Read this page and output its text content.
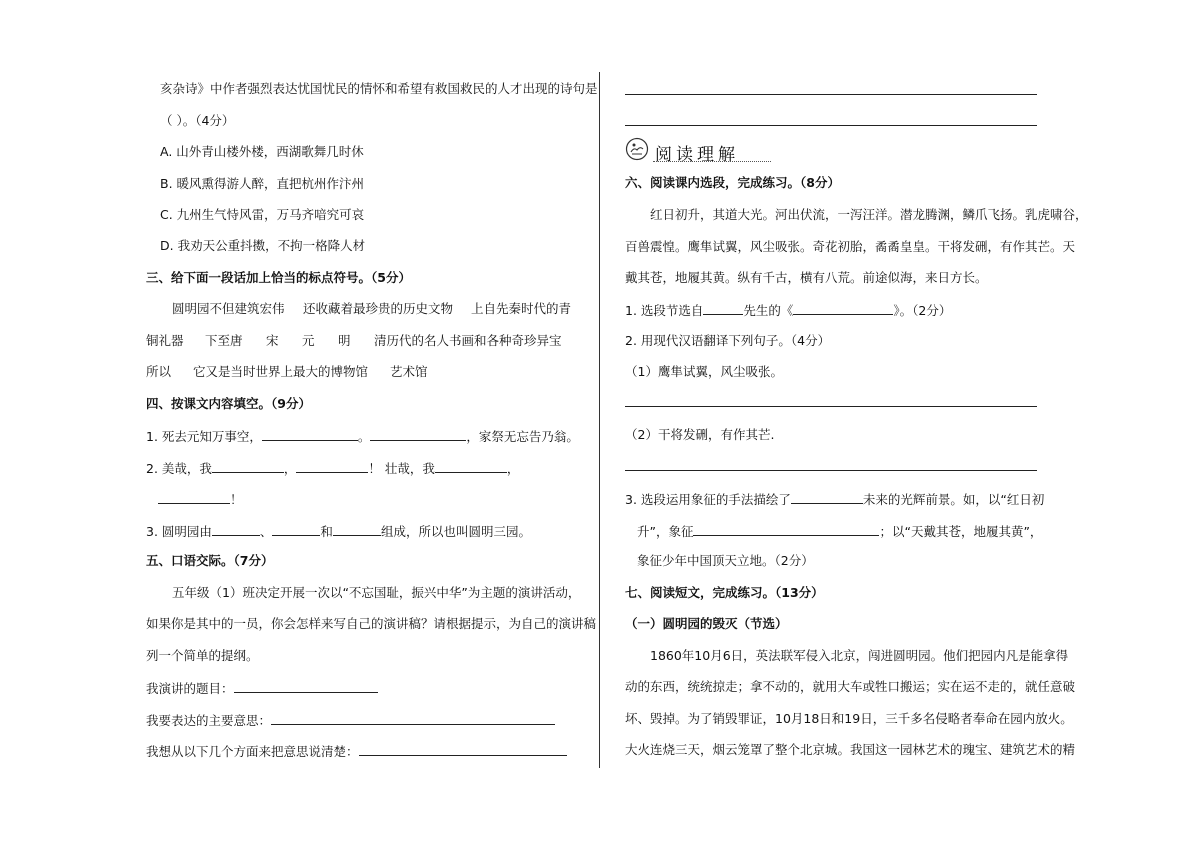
亥杂诗》中作者强烈表达忧国忧民的情怀和希望有救国救民的人才出现的诗句是
（ ）。（4分）
A. 山外青山楼外楼，西湖歌舞几时休
B. 暖风熏得游人醉，直把杭州作汴州
C. 九州生气恃风雷，万马齐喑究可哀
D. 我劝天公重抖擞，不拘一格降人材
三、给下面一段话加上恰当的标点符号。（5分）
圆明园不但建筑宏伟 还收藏着最珍贵的历史文物 上自先秦时代的青
铜礼器 下至唐 宋 元 明 清历代的名人书画和各种奇珍异宝
所以 它又是当时世界上最大的博物馆 艺术馆
四、按课文内容填空。（9分）
1. 死去元知万事空，	。	，家祭无忘告乃翁。
2. 美哉，我	，	！ 壮哉，我	，
！
3. 圆明园由	、	和	组成，所以也叫圆明三园。
五、口语交际。（7分）
五年级（1）班决定开展一次以“不忘国耻，振兴中华”为主题的演讲活动，
如果你是其中的一员，你会怎样来写自己的演讲稿？请根据提示，为自己的演讲稿
列一个简单的提纲。
我演讲的题目：
我要表达的主要意思：
我想从以下几个方面来把意思说清楚：
阅读理解
六、阅读课内选段，完成练习。（8分）
红日初升，其道大光。河出伏流，一泻汪洋。潜龙腾渊，鳞爪飞扬。乳虎啸谷，
百兽震惶。鹰隼试翼，风尘吸张。奇花初胎，矞矞皇皇。干将发硎，有作其芒。天
戴其苍，地履其黄。纵有千古，横有八荒。前途似海，来日方长。
1. 选段节选自	先生的《	》。（2分）
2. 用现代汉语翻译下列句子。（4分）
（1）鹰隼试翼，风尘吸张。
（2）干将发硎，有作其芒.
3. 选段运用象征的手法描绘了	未来的光辉前景。如，以“红日初
升”，象征	；以“天戴其苍，地履其黄”，
象征少年中国顶天立地。（2分）
七、阅读短文，完成练习。（13分）
（一）圆明园的毁灭（节选）
1860年10月6日，英法联军侵入北京，闯进圆明园。他们把园内凡是能拿得
动的东西，统统掠走；拿不动的，就用大车或牲口搬运；实在运不走的，就任意破
坏、毁掉。为了销毁罪证，10月18日和19日，三千多名侵略者奉命在园内放火。
大火连烧三天，烟云笼罩了整个北京城。我国这一园林艺术的瑰宝、建筑艺术的精
